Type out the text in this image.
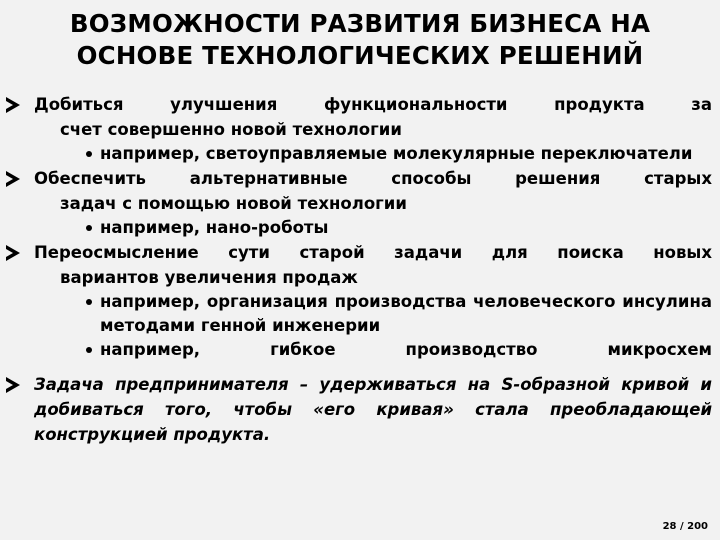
ВОЗМОЖНОСТИ РАЗВИТИЯ БИЗНЕСА НА
ОСНОВЕ ТЕХНОЛОГИЧЕСКИХ РЕШЕНИЙ
Добиться улучшения функциональности продукта за
счет совершенно новой технологии
например, светоуправляемые молекулярные переключатели
Обеспечить альтернативные способы решения старых
задач с помощью новой технологии
например, нано-роботы
Переосмысление сути старой задачи для поиска новых
вариантов увеличения продаж
например, организация производства человеческого инсулина методами генной инженерии
например, гибкое производство микросхем
Задача предпринимателя – удерживаться на S-образной кривой и добиваться того, чтобы «его кривая» стала преобладающей конструкцией продукта.
28 / 200
